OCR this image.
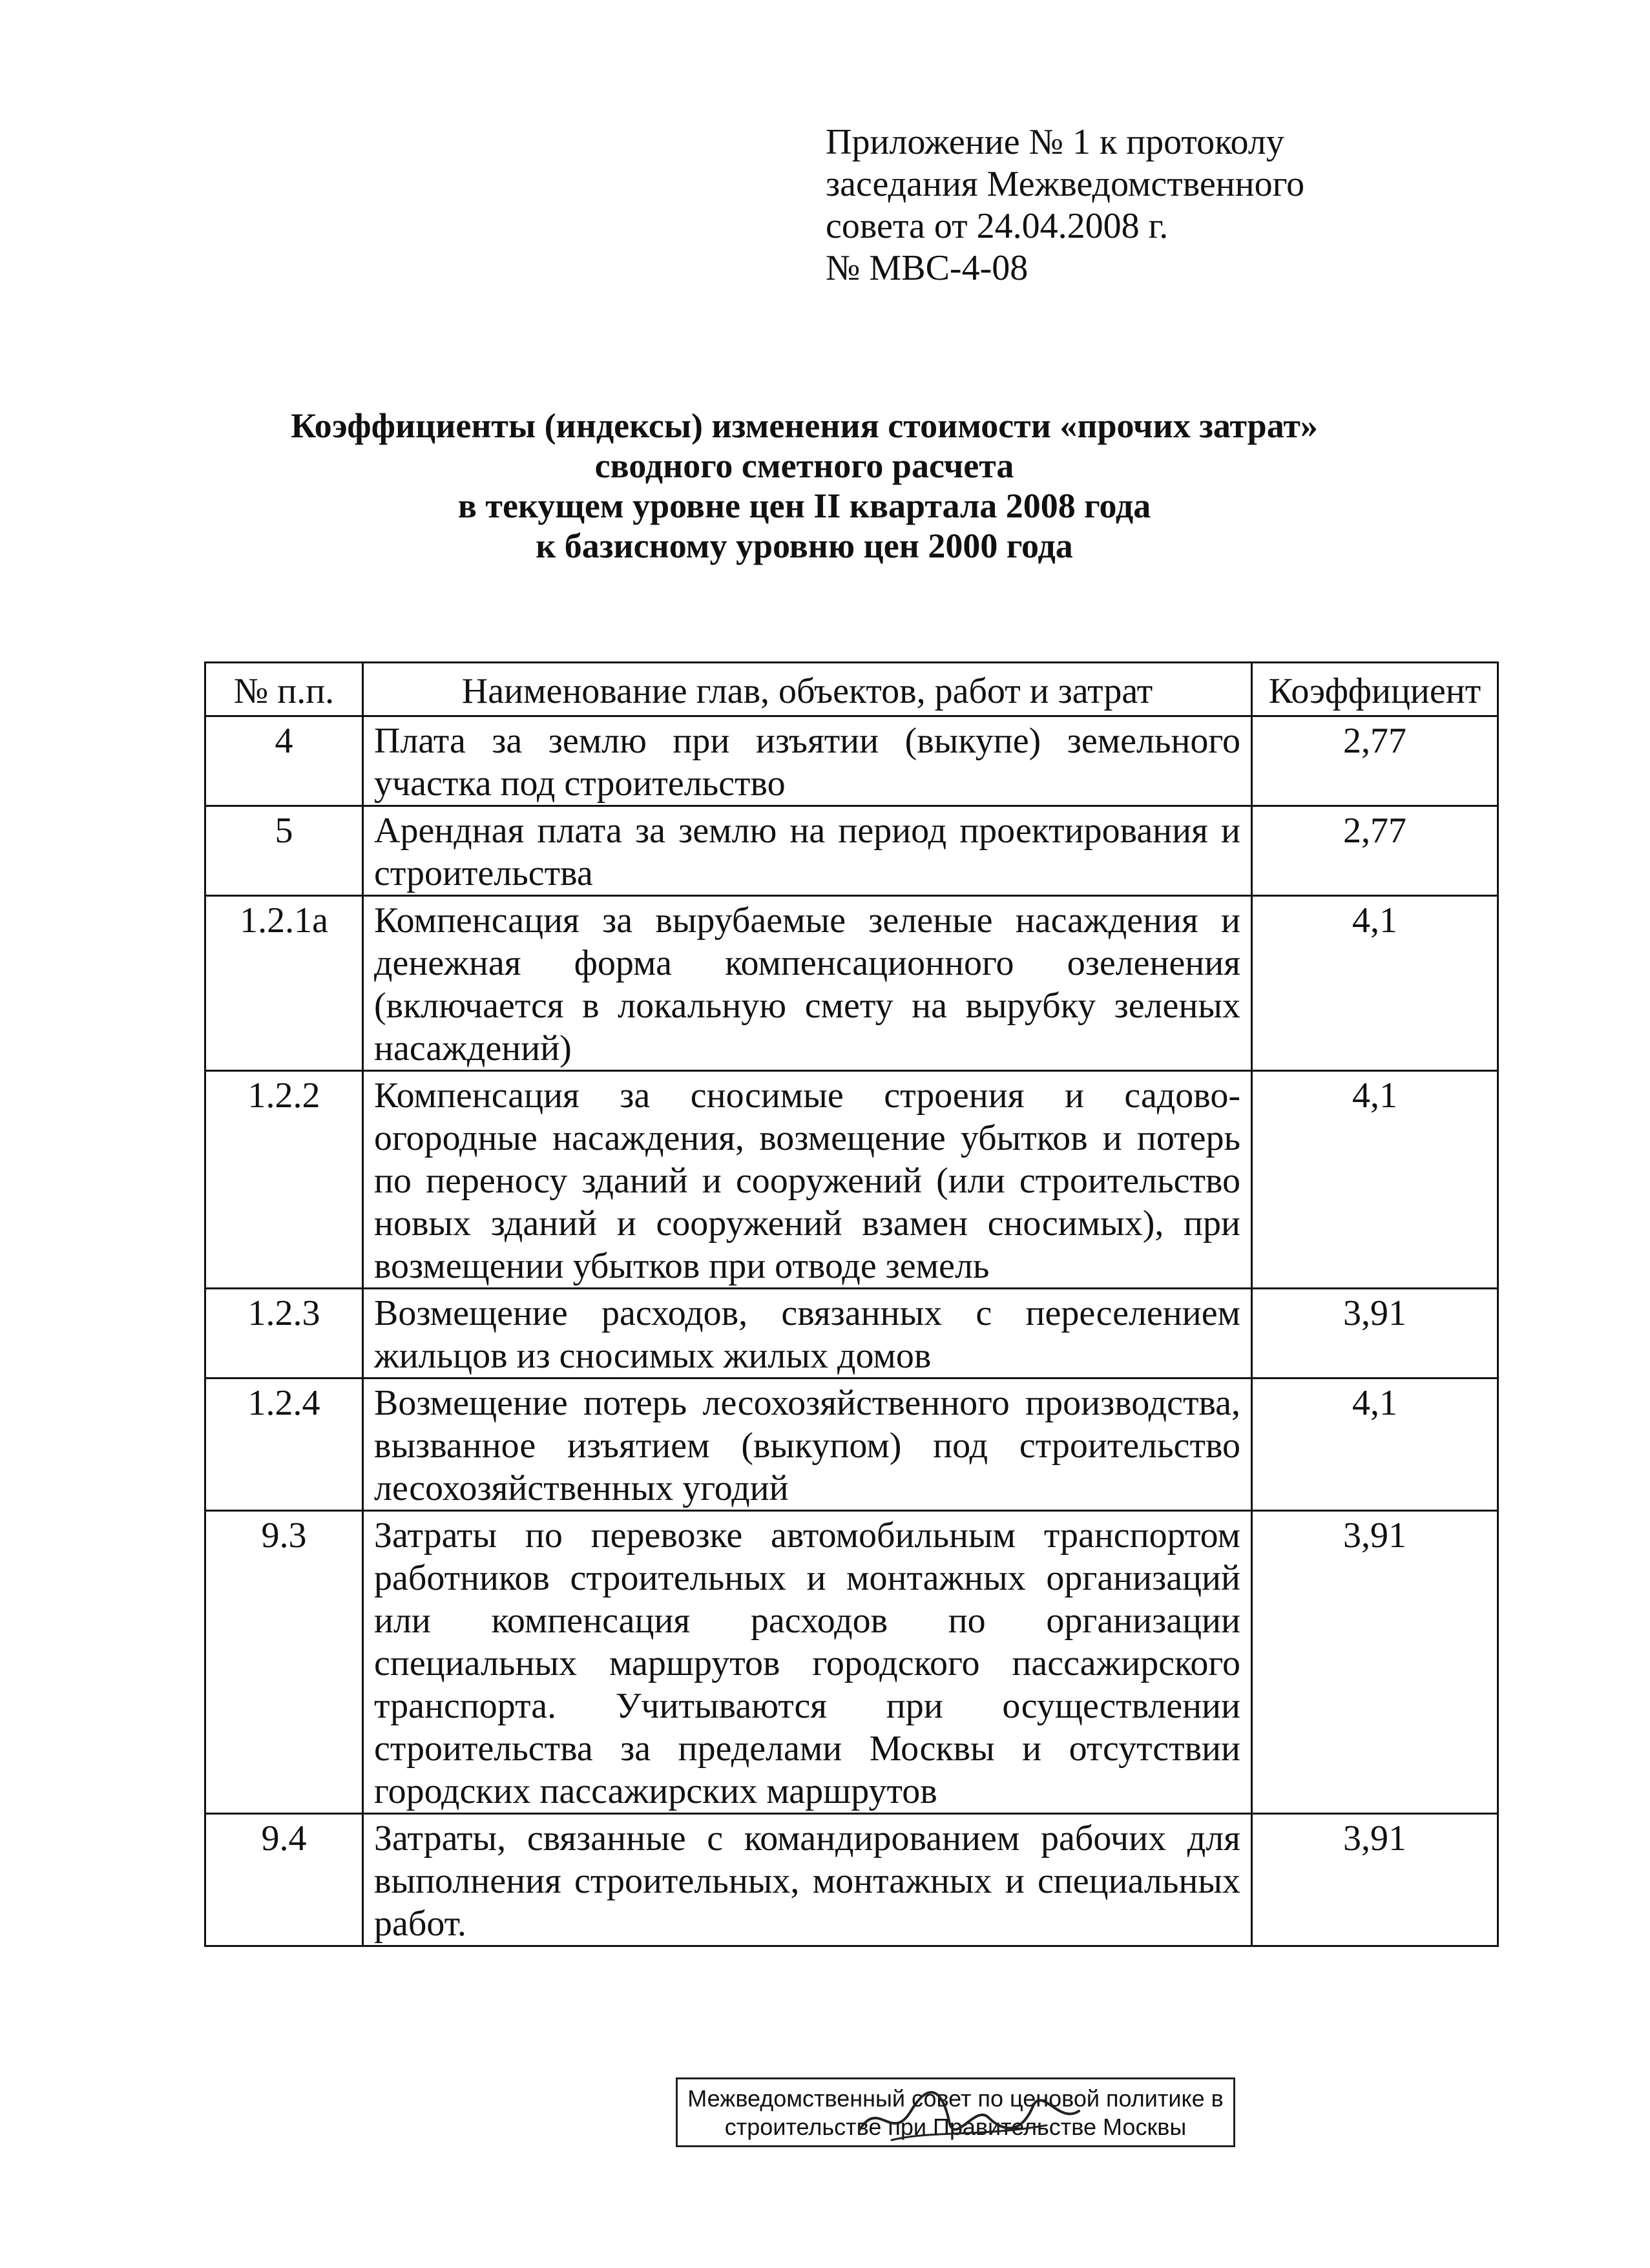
Приложение № 1 к протоколу
заседания Межведомственного
совета от 24.04.2008 г.
№ МВС-4-08
Коэффициенты (индексы) изменения стоимости «прочих затрат»
сводного сметного расчета
в текущем уровне цен II квартала 2008 года
к базисному уровню цен 2000 года
№ п.п.	Наименование глав, объектов, работ и затрат	Коэффициент
4	Плата за землю при изъятии (выкупе) земельного участка под строительство	2,77
5	Арендная плата за землю на период проектирования и строительства	2,77
1.2.1а	Компенсация за вырубаемые зеленые насаждения и денежная форма компенсационного озеленения (включается в локальную смету на вырубку зеленых насаждений)	4,1
1.2.2	Компенсация за сносимые строения и садово-огородные насаждения, возмещение убытков и потерь по переносу зданий и сооружений (или строительство новых зданий и сооружений взамен сносимых), при возмещении убытков при отводе земель	4,1
1.2.3	Возмещение расходов, связанных с переселением жильцов из сносимых жилых домов	3,91
1.2.4	Возмещение потерь лесохозяйственного производства, вызванное изъятием (выкупом) под строительство лесохозяйственных угодий	4,1
9.3	Затраты по перевозке автомобильным транспортом работников строительных и монтажных организаций или компенсация расходов по организации специальных маршрутов городского пассажирского транспорта. Учитываются при осуществлении строительства за пределами Москвы и отсутствии городских пассажирских маршрутов	3,91
9.4	Затраты, связанные с командированием рабочих для выполнения строительных, монтажных и специальных работ.	3,91
Межведомственный совет по ценовой политике в
строительстве при Правительстве Москвы
